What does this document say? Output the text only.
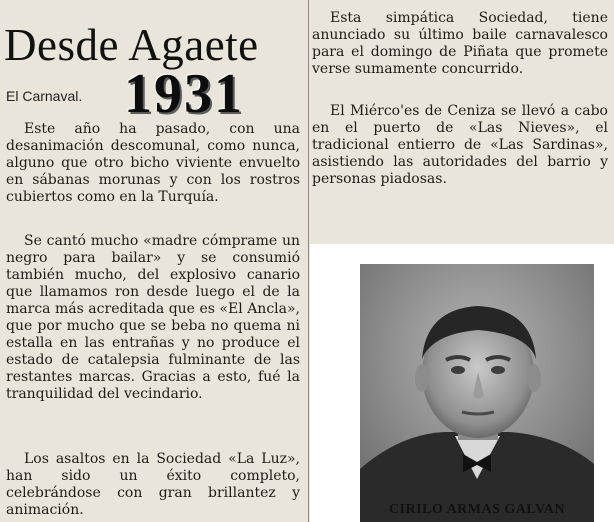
Desde Agaete
El Carnaval. 1931

Este año ha pasado, con una desanimación descomunal, como nunca, alguno que otro bicho viviente envuelto en sábanas morunas y con los rostros cubiertos como en la Turquía.

Se cantó mucho «madre cómprame un negro para bailar» y se consumió también mucho, del explosivo canario que llamamos ron desde luego el de la marca más acreditada que es «El Ancla», que por mucho que se beba no quema ni estalla en las entrañas y no produce el estado de catalepsia fulminante de las restantes marcas. Gracias a esto, fué la tranquilidad del vecindario.

Los asaltos en la Sociedad «La Luz», han sido un éxito completo, celebrándose con gran brillantez y animación.

Esta simpática Sociedad, tiene anunciado su último baile carnavalesco para el domingo de Piñata que promete verse sumamente concurrido.

El Miérco'es de Ceniza se llevó a cabo en el puerto de «Las Nieves», el tradicional entierro de «Las Sardinas», asistiendo las autoridades del barrio y personas piadosas.

CIRILO ARMAS GALVAN
